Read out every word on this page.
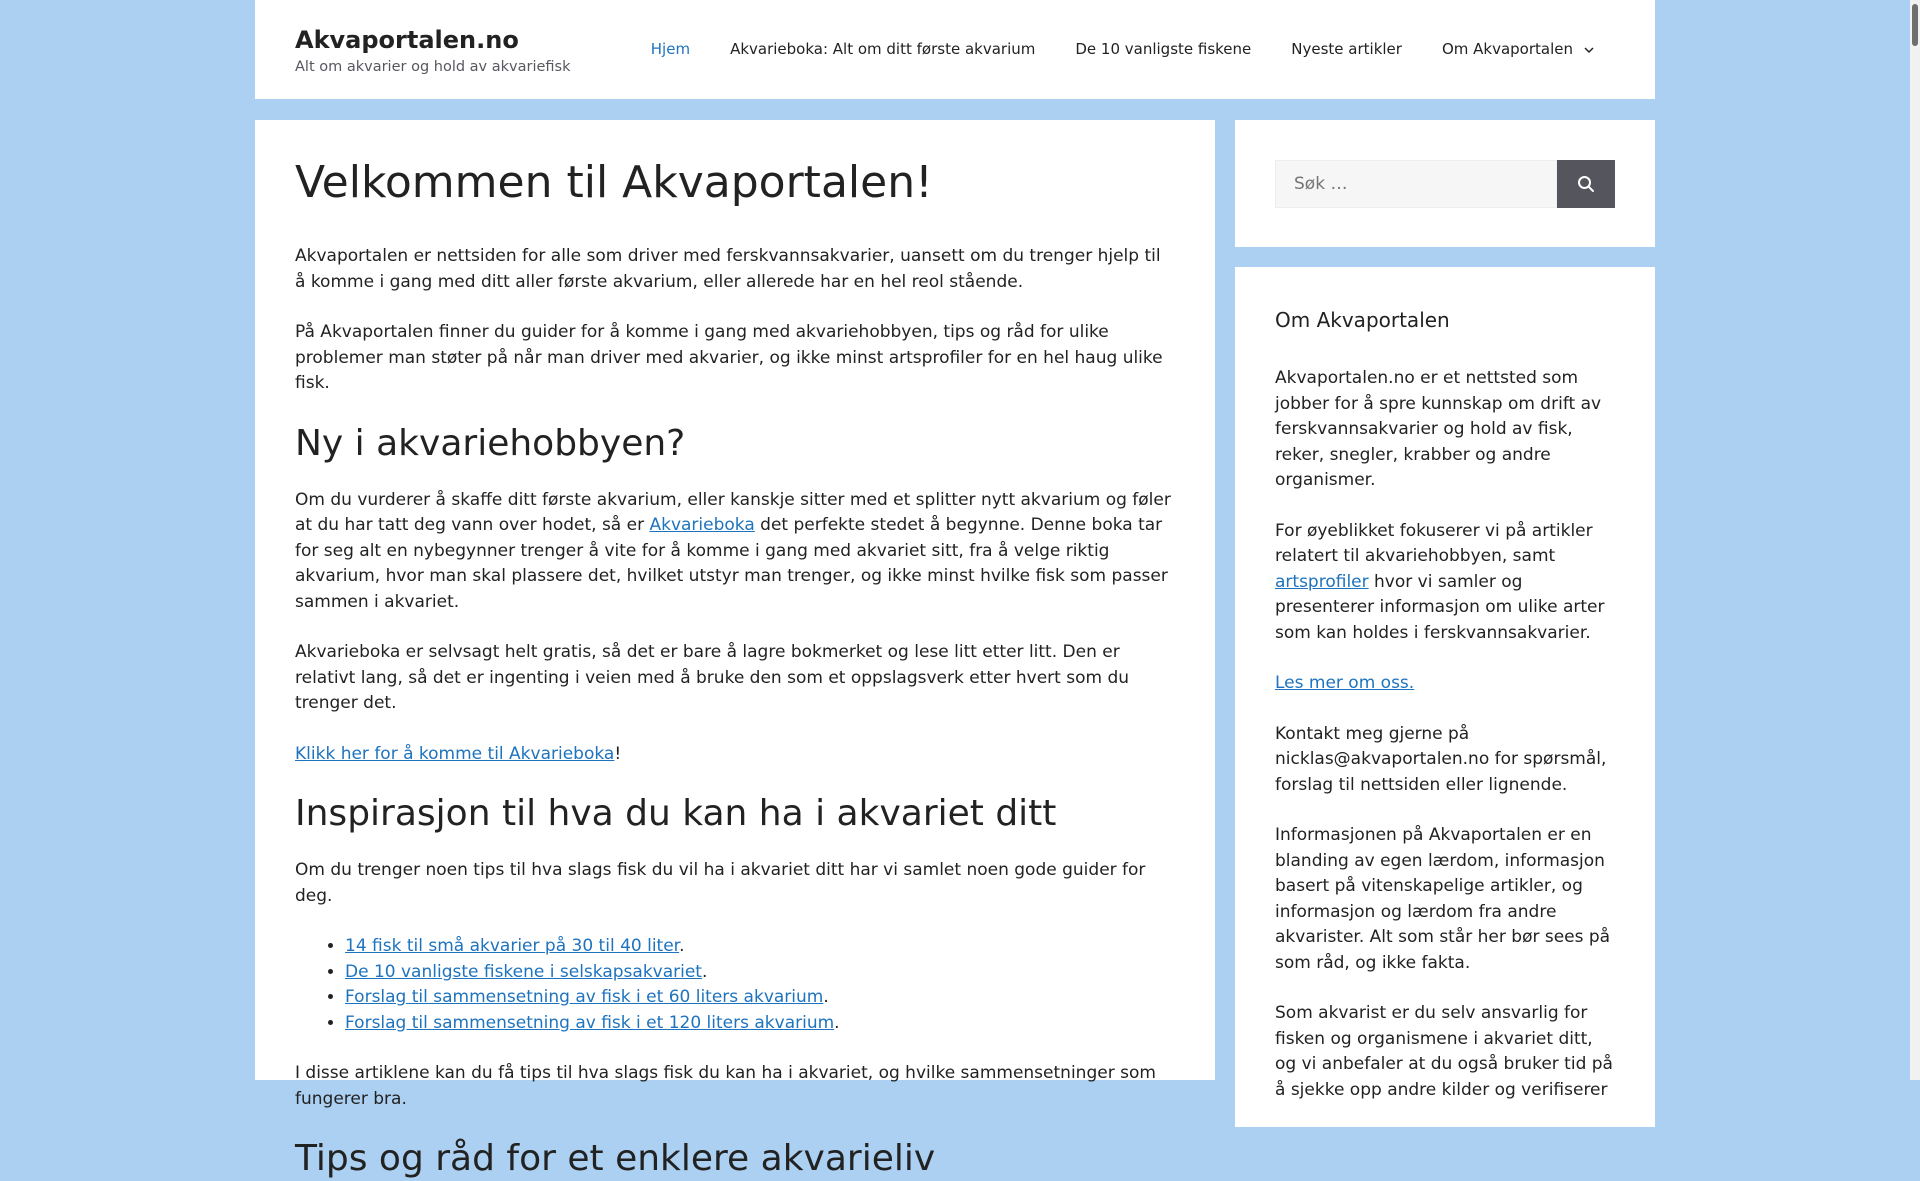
Akvaportalen.no
Alt om akvarier og hold av akvariefisk
Hjem	Akvarieboka: Alt om ditt første akvarium	De 10 vanligste fiskene	Nyeste artikler	Om Akvaportalen
Velkommen til Akvaportalen!

Akvaportalen er nettsiden for alle som driver med ferskvannsakvarier, uansett om du trenger hjelp til å komme i gang med ditt aller første akvarium, eller allerede har en hel reol stående.

På Akvaportalen finner du guider for å komme i gang med akvariehobbyen, tips og råd for ulike problemer man støter på når man driver med akvarier, og ikke minst artsprofiler for en hel haug ulike fisk.

Ny i akvariehobbyen?

Om du vurderer å skaffe ditt første akvarium, eller kanskje sitter med et splitter nytt akvarium og føler at du har tatt deg vann over hodet, så er Akvarieboka det perfekte stedet å begynne. Denne boka tar for seg alt en nybegynner trenger å vite for å komme i gang med akvariet sitt, fra å velge riktig akvarium, hvor man skal plassere det, hvilket utstyr man trenger, og ikke minst hvilke fisk som passer sammen i akvariet.

Akvarieboka er selvsagt helt gratis, så det er bare å lagre bokmerket og lese litt etter litt. Den er relativt lang, så det er ingenting i veien med å bruke den som et oppslagsverk etter hvert som du trenger det.

Klikk her for å komme til Akvarieboka!

Inspirasjon til hva du kan ha i akvariet ditt

Om du trenger noen tips til hva slags fisk du vil ha i akvariet ditt har vi samlet noen gode guider for deg.

• 14 fisk til små akvarier på 30 til 40 liter.
• De 10 vanligste fiskene i selskapsakvariet.
• Forslag til sammensetning av fisk i et 60 liters akvarium.
• Forslag til sammensetning av fisk i et 120 liters akvarium.

I disse artiklene kan du få tips til hva slags fisk du kan ha i akvariet, og hvilke sammensetninger som fungerer bra.

Tips og råd for et enklere akvarieliv
Søk …
Om Akvaportalen

Akvaportalen.no er et nettsted som jobber for å spre kunnskap om drift av ferskvannsakvarier og hold av fisk, reker, snegler, krabber og andre organismer.

For øyeblikket fokuserer vi på artikler relatert til akvariehobbyen, samt artsprofiler hvor vi samler og presenterer informasjon om ulike arter som kan holdes i ferskvannsakvarier.

Les mer om oss.

Kontakt meg gjerne på nicklas@akvaportalen.no for spørsmål, forslag til nettsiden eller lignende.

Informasjonen på Akvaportalen er en blanding av egen lærdom, informasjon basert på vitenskapelige artikler, og informasjon og lærdom fra andre akvarister. Alt som står her bør sees på som råd, og ikke fakta.

Som akvarist er du selv ansvarlig for fisken og organismene i akvariet ditt, og vi anbefaler at du også bruker tid på å sjekke opp andre kilder og verifiserer
